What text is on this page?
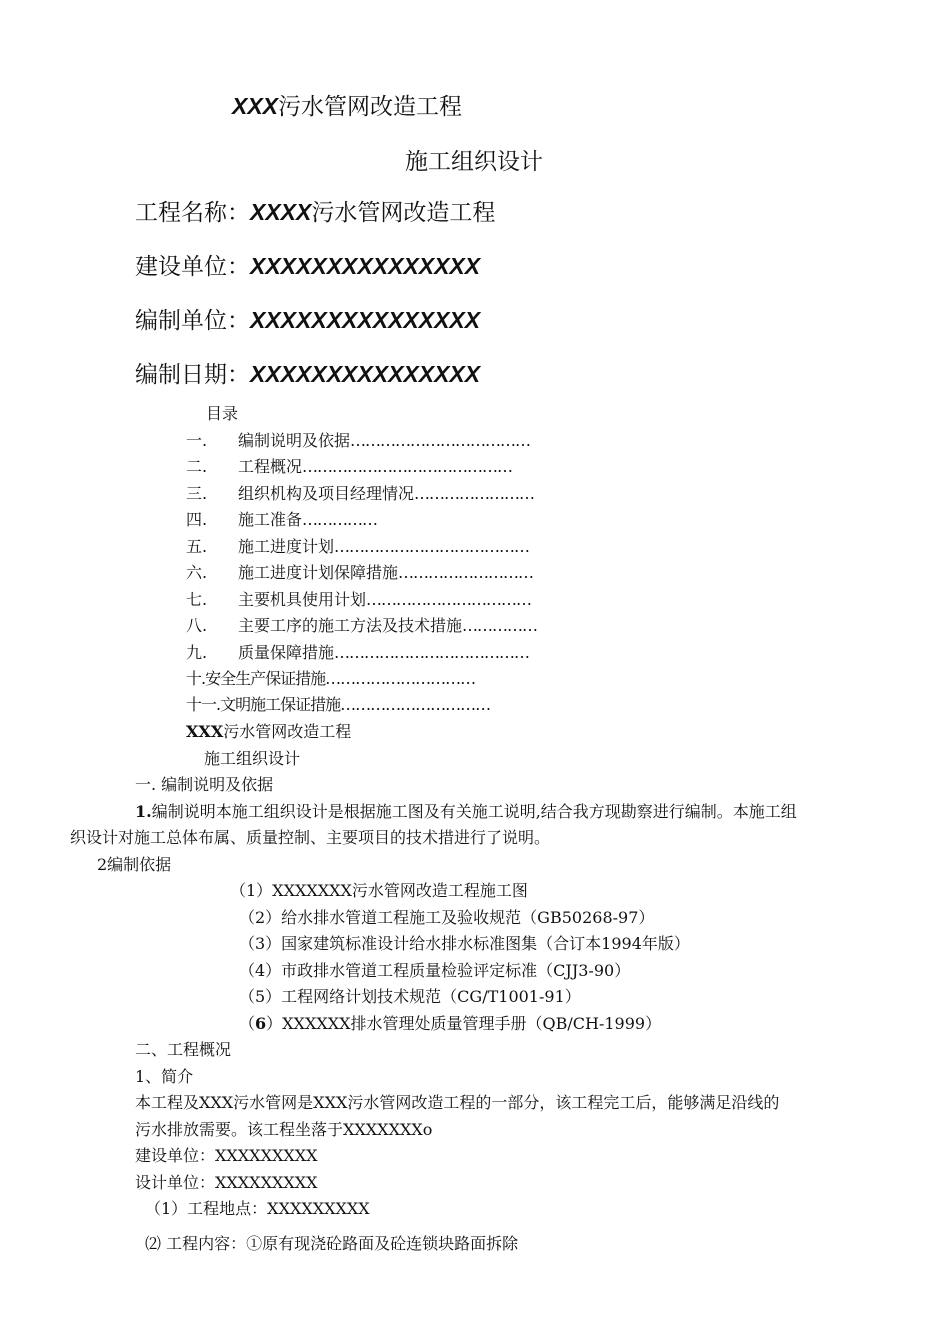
XXX污水管网改造工程
施工组织设计
工程名称：XXXX污水管网改造工程
建设单位：XXXXXXXXXXXXXXX
编制单位：XXXXXXXXXXXXXXX
编制日期：XXXXXXXXXXXXXXX
目录
一. 编制说明及依据………………………………
二. 工程概况……………………………………
三. 组织机构及项目经理情况……………………
四. 施工准备……………
五. 施工进度计划…………………………………
六. 施工进度计划保障措施………………………
七. 主要机具使用计划……………………………
八. 主要工序的施工方法及技术措施……………
九. 质量保障措施…………………………………
十.安全生产保证措施…………………………
十一.文明施工保证措施…………………………
XXX污水管网改造工程
施工组织设计
一. 编制说明及依据
1.编制说明本施工组织设计是根据施工图及有关施工说明,结合我方现勘察进行编制。本施工组
织设计对施工总体布属、质量控制、主要项目的技术措进行了说明。
2编制依据
（1）XXXXXXX污水管网改造工程施工图
（2）给水排水管道工程施工及验收规范（GB50268-97）
（3）国家建筑标准设计给水排水标准图集（合订本1994年版）
（4）市政排水管道工程质量检验评定标准（CJJ3-90）
（5）工程网络计划技术规范（CG/T1001-91）
（6）XXXXXX排水管理处质量管理手册（QB/CH-1999）
二、工程概况
1、简介
本工程及XXX污水管网是XXX污水管网改造工程的一部分，该工程完工后，能够满足沿线的
污水排放需要。该工程坐落于XXXXXXXo
建设单位：XXXXXXXXX
设计单位：XXXXXXXXX
（1）工程地点：XXXXXXXXX
⑵ 工程内容：①原有现浇砼路面及砼连锁块路面拆除
